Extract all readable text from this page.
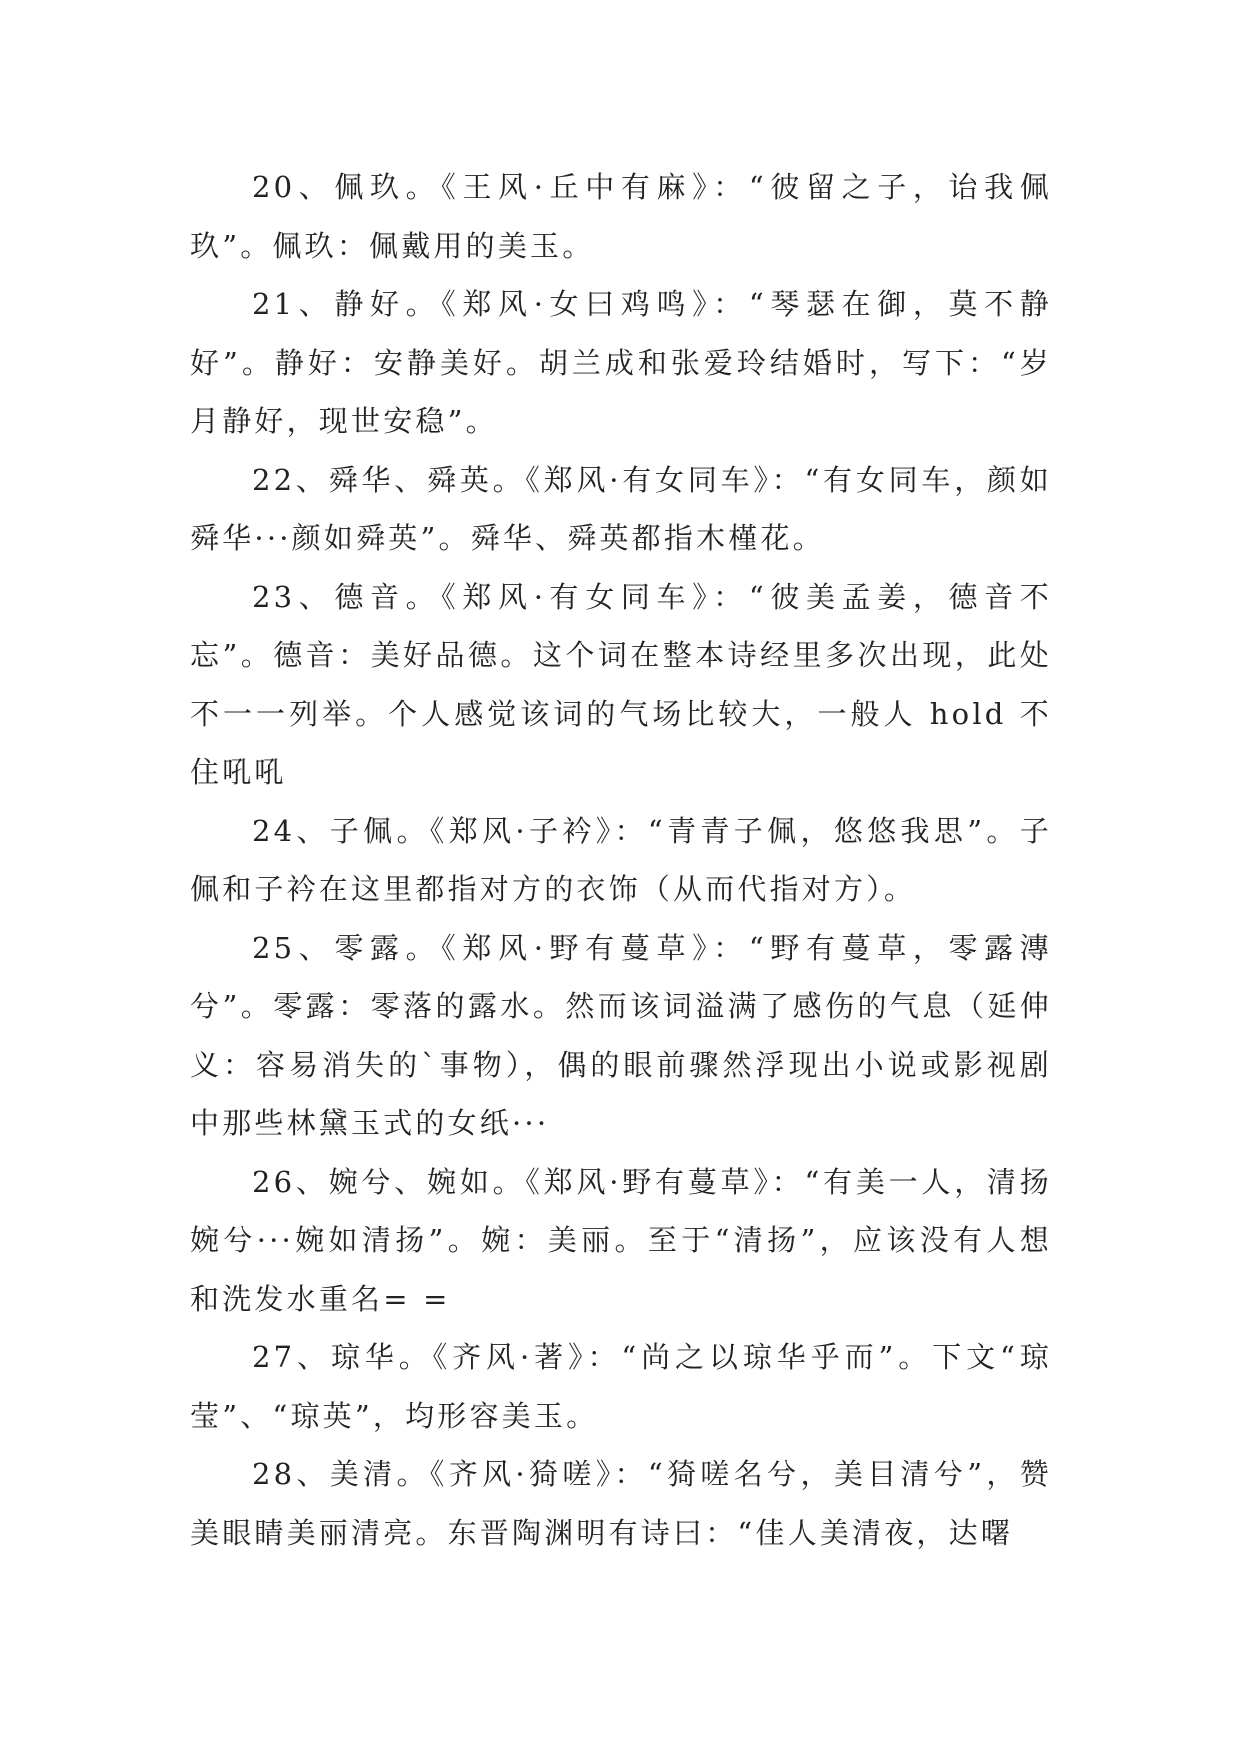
20、佩玖。《王风·丘中有麻》：“彼留之子，诒我佩玖”。佩玖：佩戴用的美玉。

21、静好。《郑风·女曰鸡鸣》：“琴瑟在御，莫不静好”。静好：安静美好。胡兰成和张爱玲结婚时，写下：“岁月静好，现世安稳”。

22、舜华、舜英。《郑风·有女同车》：“有女同车，颜如舜华···颜如舜英”。舜华、舜英都指木槿花。

23、德音。《郑风·有女同车》：“彼美孟姜，德音不忘”。德音：美好品德。这个词在整本诗经里多次出现，此处不一一列举。个人感觉该词的气场比较大，一般人 hold 不住吼吼

24、子佩。《郑风·子衿》：“青青子佩，悠悠我思”。子佩和子衿在这里都指对方的衣饰（从而代指对方）。

25、零露。《郑风·野有蔓草》：“野有蔓草，零露漙兮”。零露：零落的露水。然而该词溢满了感伤的气息（延伸义：容易消失的`事物），偶的眼前骤然浮现出小说或影视剧中那些林黛玉式的女纸···

26、婉兮、婉如。《郑风·野有蔓草》：“有美一人，清扬婉兮···婉如清扬”。婉：美丽。至于“清扬”，应该没有人想和洗发水重名= =

27、琼华。《齐风·著》：“尚之以琼华乎而”。下文“琼莹”、“琼英”，均形容美玉。

28、美清。《齐风·猗嗟》：“猗嗟名兮，美目清兮”，赞美眼睛美丽清亮。东晋陶渊明有诗曰：“佳人美清夜，达曙
